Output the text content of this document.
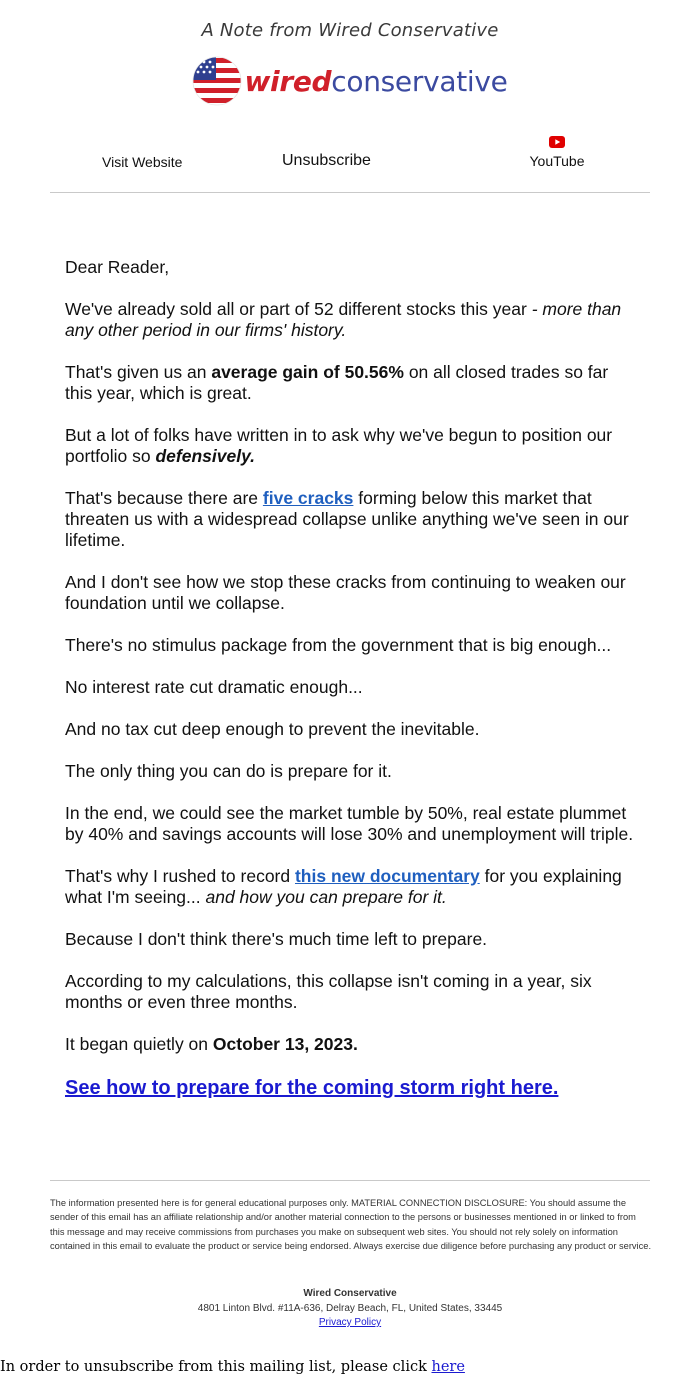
A Note from Wired Conservative
wiredconservative
Visit Website	Unsubscribe	YouTube

Dear Reader,

We've already sold all or part of 52 different stocks this year - more than any other period in our firms' history.

That's given us an average gain of 50.56% on all closed trades so far this year, which is great.

But a lot of folks have written in to ask why we've begun to position our portfolio so defensively.

That's because there are five cracks forming below this market that threaten us with a widespread collapse unlike anything we've seen in our lifetime.

And I don't see how we stop these cracks from continuing to weaken our foundation until we collapse.

There's no stimulus package from the government that is big enough...

No interest rate cut dramatic enough...

And no tax cut deep enough to prevent the inevitable.

The only thing you can do is prepare for it.

In the end, we could see the market tumble by 50%, real estate plummet by 40% and savings accounts will lose 30% and unemployment will triple.

That's why I rushed to record this new documentary for you explaining what I'm seeing... and how you can prepare for it.

Because I don't think there's much time left to prepare.

According to my calculations, this collapse isn't coming in a year, six months or even three months.

It began quietly on October 13, 2023.

See how to prepare for the coming storm right here.
The information presented here is for general educational purposes only. MATERIAL CONNECTION DISCLOSURE: You should assume the sender of this email has an affiliate relationship and/or another material connection to the persons or businesses mentioned in or linked to from this message and may receive commissions from purchases you make on subsequent web sites. You should not rely solely on information contained in this email to evaluate the product or service being endorsed. Always exercise due diligence before purchasing any product or service.
Wired Conservative
4801 Linton Blvd. #11A-636, Delray Beach, FL, United States, 33445
Privacy Policy
In order to unsubscribe from this mailing list, please click here
